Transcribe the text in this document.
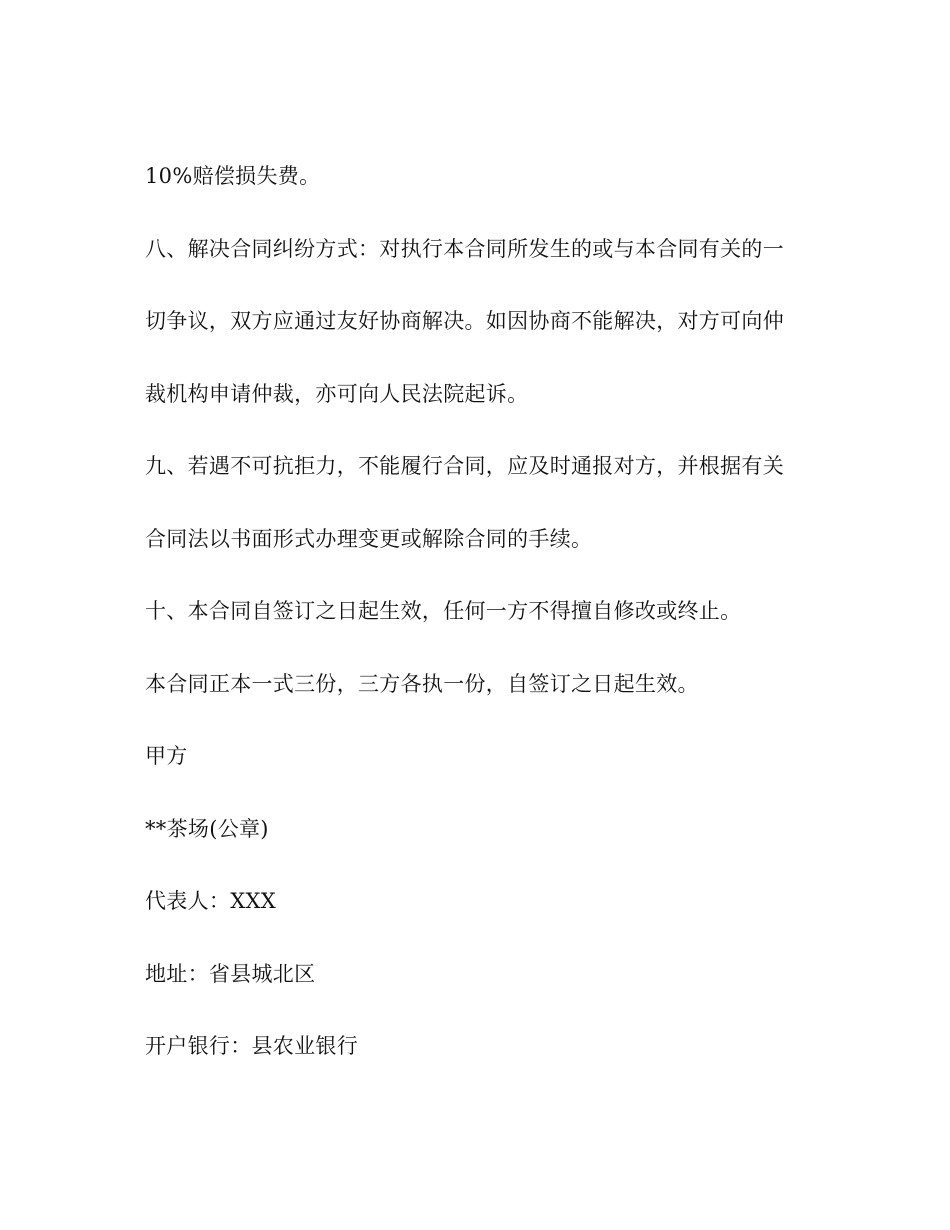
10%赔偿损失费。
八、解决合同纠纷方式：对执行本合同所发生的或与本合同有关的一
切争议，双方应通过友好协商解决。如因协商不能解决，对方可向仲
裁机构申请仲裁，亦可向人民法院起诉。
九、若遇不可抗拒力，不能履行合同，应及时通报对方，并根据有关
合同法以书面形式办理变更或解除合同的手续。
十、本合同自签订之日起生效，任何一方不得擅自修改或终止。
本合同正本一式三份，三方各执一份，自签订之日起生效。
甲方
**茶场(公章)
代表人：XXX
地址：省县城北区
开户银行：县农业银行
